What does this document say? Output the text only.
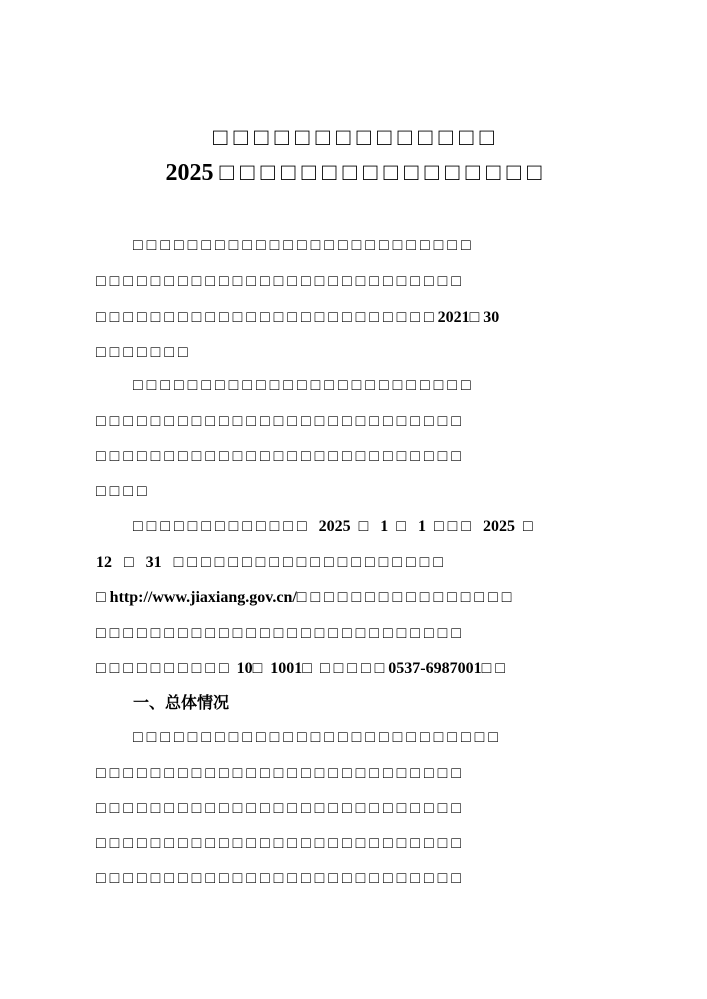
□ □ □ □ □ □ □ □ □ □ □ □ □ □
2025 □ □ □ □ □ □ □ □ □ □ □ □ □ □ □ □
□ □ □ □ □ □ □ □ □ □ □ □ □ □ □ □ □ □ □ □ □ □ □ □ □
□ □ □ □ □ □ □ □ □ □ □ □ □ □ □ □ □ □ □ □ □ □ □ □ □ □ □
□ □ □ □ □ □ □ □ □ □ □ □ □ □ □ □ □ □ □ □ □ □ □ □ □ 2021□ 30
□ □ □ □ □ □ □
□ □ □ □ □ □ □ □ □ □ □ □ □ □ □ □ □ □ □ □ □ □ □ □ □
□ □ □ □ □ □ □ □ □ □ □ □ □ □ □ □ □ □ □ □ □ □ □ □ □ □ □
□ □ □ □ □ □ □ □ □ □ □ □ □ □ □ □ □ □ □ □ □ □ □ □ □ □ □
□ □ □ □
□ □ □ □ □ □ □ □ □ □ □ □ □   2025  □   1  □   1  □ □ □   2025  □
12   □   31   □ □ □ □ □ □ □ □ □ □ □ □ □ □ □ □ □ □ □ □
□ http://www.jiaxiang.gov.cn/□ □ □ □ □ □ □ □ □ □ □ □ □ □ □ □
□ □ □ □ □ □ □ □ □ □ □ □ □ □ □ □ □ □ □ □ □ □ □ □ □ □ □
□ □ □ □ □ □ □ □ □ □  10□  1001□  □ □ □ □ □ 0537-6987001□ □
一、总体情况
□ □ □ □ □ □ □ □ □ □ □ □ □ □ □ □ □ □ □ □ □ □ □ □ □ □ □
□ □ □ □ □ □ □ □ □ □ □ □ □ □ □ □ □ □ □ □ □ □ □ □ □ □ □
□ □ □ □ □ □ □ □ □ □ □ □ □ □ □ □ □ □ □ □ □ □ □ □ □ □ □
□ □ □ □ □ □ □ □ □ □ □ □ □ □ □ □ □ □ □ □ □ □ □ □ □ □ □
□ □ □ □ □ □ □ □ □ □ □ □ □ □ □ □ □ □ □ □ □ □ □ □ □ □ □
